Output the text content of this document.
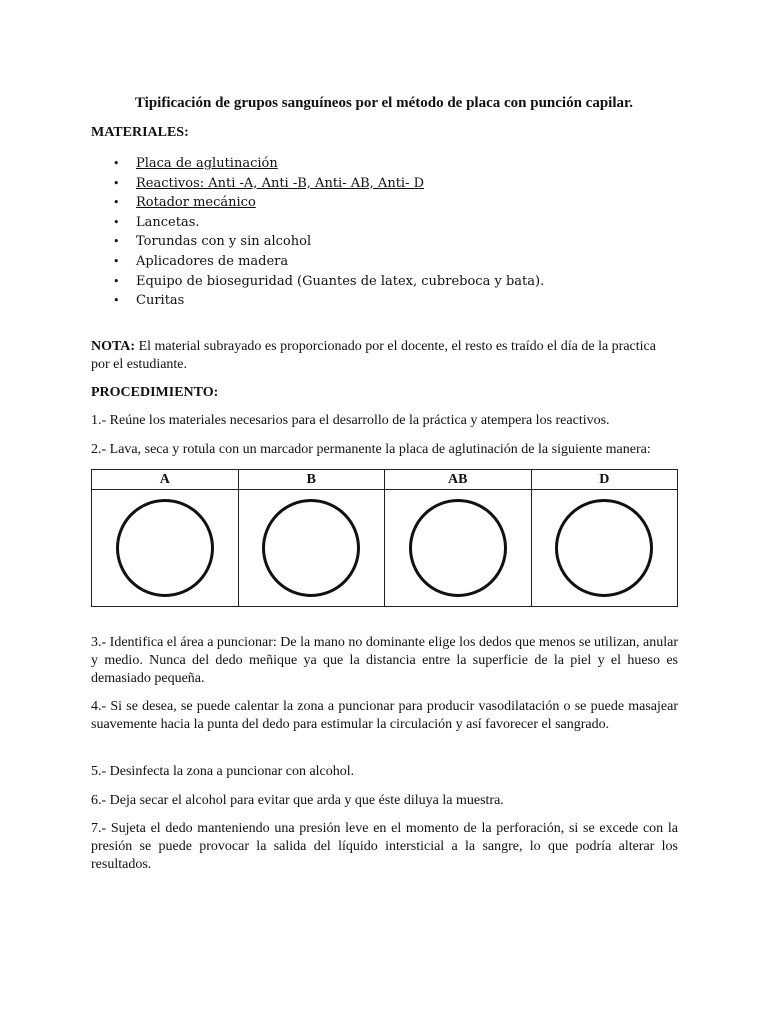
Tipificación de grupos sanguíneos por el método de placa con punción capilar.
MATERIALES:
• Placa de aglutinación
• Reactivos: Anti -A, Anti -B, Anti- AB, Anti- D
• Rotador mecánico
• Lancetas.
• Torundas con y sin alcohol
• Aplicadores de madera
• Equipo de bioseguridad (Guantes de latex, cubreboca y bata).
• Curitas
NOTA: El material subrayado es proporcionado por el docente, el resto es traído el día de la practica por el estudiante.
PROCEDIMIENTO:
1.- Reúne los materiales necesarios para el desarrollo de la práctica y atempera los reactivos.
2.- Lava, seca y rotula con un marcador permanente la placa de aglutinación de la siguiente manera:
A	B	AB	D

3.- Identifica el área a puncionar: De la mano no dominante elige los dedos que menos se utilizan, anular y medio. Nunca del dedo meñique ya que la distancia entre la superficie de la piel y el hueso es demasiado pequeña.
4.- Si se desea, se puede calentar la zona a puncionar para producir vasodilatación o se puede masajear suavemente hacia la punta del dedo para estimular la circulación y así favorecer el sangrado.
5.- Desinfecta la zona a puncionar con alcohol.
6.- Deja secar el alcohol para evitar que arda y que éste diluya la muestra.
7.- Sujeta el dedo manteniendo una presión leve en el momento de la perforación, si se excede con la presión se puede provocar la salida del líquido intersticial a la sangre, lo que podría alterar los resultados.
